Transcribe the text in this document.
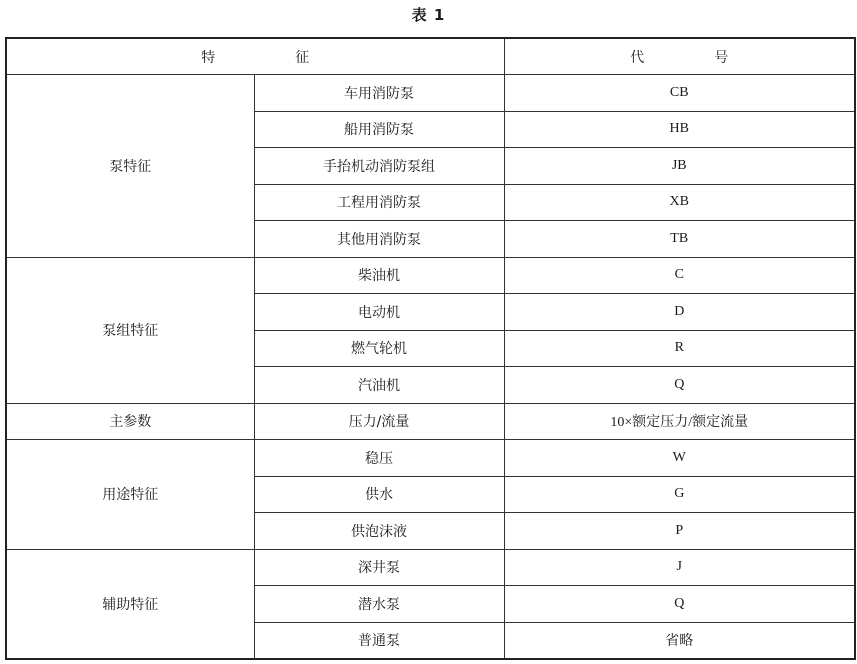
表 1
特 征		代 号
泵特征	车用消防泵	CB
	船用消防泵	HB
	手抬机动消防泵组	JB
	工程用消防泵	XB
	其他用消防泵	TB
泵组特征	柴油机	C
	电动机	D
	燃气轮机	R
	汽油机	Q
主参数	压力/流量	10×额定压力/额定流量
用途特征	稳压	W
	供水	G
	供泡沫液	P
辅助特征	深井泵	J
	潜水泵	Q
	普通泵	省略
